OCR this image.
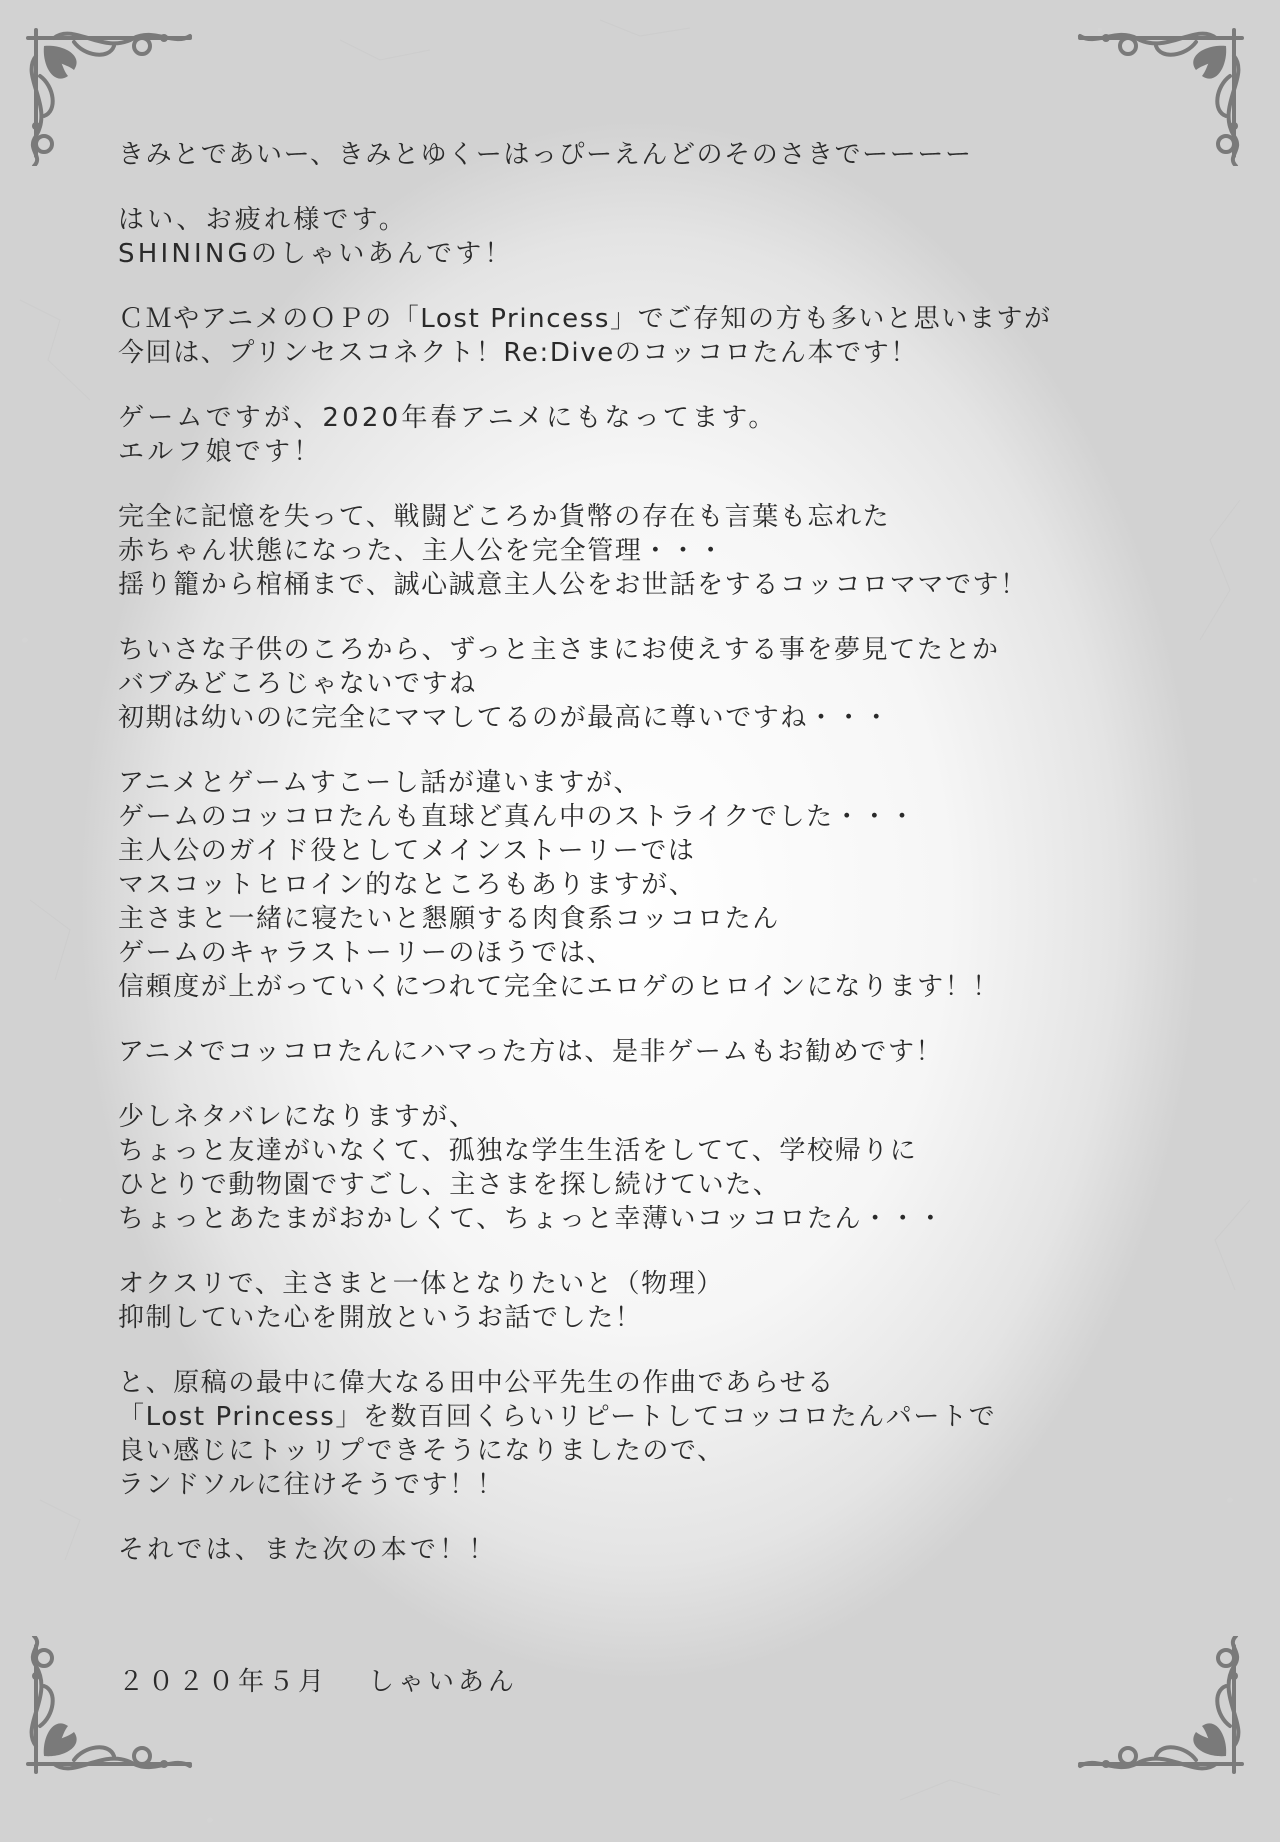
きみとであいー、きみとゆくーはっぴーえんどのそのさきでーーーー
はい、お疲れ様です。
SHININGのしゃいあんです！
ＣＭやアニメのＯＰの「Lost Princess」でご存知の方も多いと思いますが
今回は、プリンセスコネクト！Re:Diveのコッコロたん本です！
ゲームですが、2020年春アニメにもなってます。
エルフ娘です！
完全に記憶を失って、戦闘どころか貨幣の存在も言葉も忘れた
赤ちゃん状態になった、主人公を完全管理・・・
揺り籠から棺桶まで、誠心誠意主人公をお世話をするコッコロママです！
ちいさな子供のころから、ずっと主さまにお使えする事を夢見てたとか
バブみどころじゃないですね
初期は幼いのに完全にママしてるのが最高に尊いですね・・・
アニメとゲームすこーし話が違いますが、
ゲームのコッコロたんも直球ど真ん中のストライクでした・・・
主人公のガイド役としてメインストーリーでは
マスコットヒロイン的なところもありますが、
主さまと一緒に寝たいと懇願する肉食系コッコロたん
ゲームのキャラストーリーのほうでは、
信頼度が上がっていくにつれて完全にエロゲのヒロインになります！！
アニメでコッコロたんにハマった方は、是非ゲームもお勧めです！
少しネタバレになりますが、
ちょっと友達がいなくて、孤独な学生生活をしてて、学校帰りに
ひとりで動物園ですごし、主さまを探し続けていた、
ちょっとあたまがおかしくて、ちょっと幸薄いコッコロたん・・・
オクスリで、主さまと一体となりたいと（物理）
抑制していた心を開放というお話でした！
と、原稿の最中に偉大なる田中公平先生の作曲であらせる
「Lost Princess」を数百回くらいリピートしてコッコロたんパートで
良い感じにトッリプできそうになりましたので、
ランドソルに往けそうです！！
それでは、また次の本で！！
２０２０年５月 しゃいあん
